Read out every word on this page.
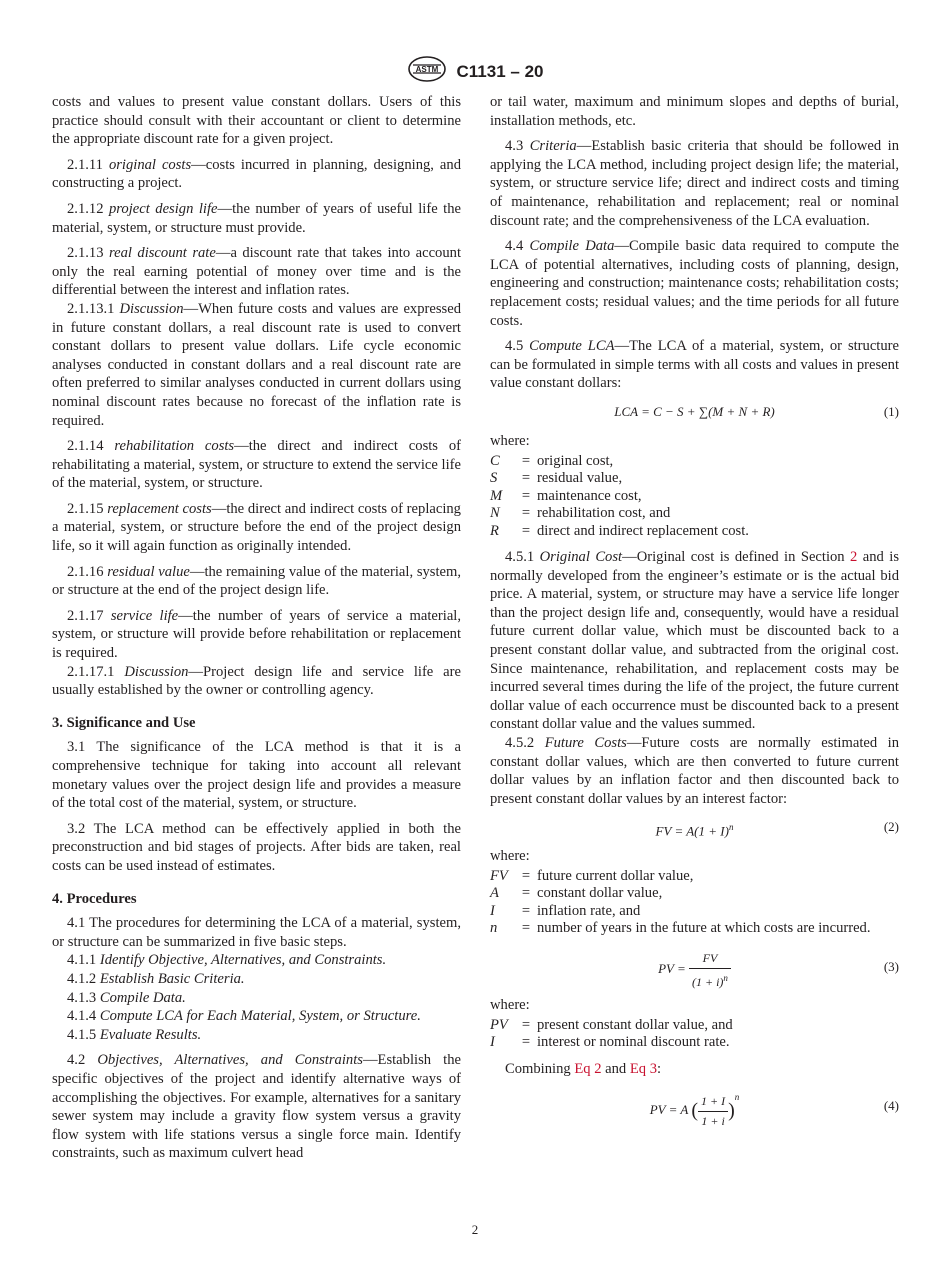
ASTM C1131 – 20

costs and values to present value constant dollars. Users of this practice should consult with their accountant or client to determine the appropriate discount rate for a given project.

2.1.11 original costs—costs incurred in planning, designing, and constructing a project.

2.1.12 project design life—the number of years of useful life the material, system, or structure must provide.

2.1.13 real discount rate—a discount rate that takes into account only the real earning potential of money over time and is the differential between the interest and inflation rates.

2.1.13.1 Discussion—When future costs and values are expressed in future constant dollars, a real discount rate is used to convert constant dollars to present value dollars. Life cycle economic analyses conducted in constant dollars and a real discount rate are often preferred to similar analyses conducted in current dollars using nominal discount rates because no forecast of the inflation rate is required.

2.1.14 rehabilitation costs—the direct and indirect costs of rehabilitating a material, system, or structure to extend the service life of the material, system, or structure.

2.1.15 replacement costs—the direct and indirect costs of replacing a material, system, or structure before the end of the project design life, so it will again function as originally intended.

2.1.16 residual value—the remaining value of the material, system, or structure at the end of the project design life.

2.1.17 service life—the number of years of service a material, system, or structure will provide before rehabilitation or replacement is required.

2.1.17.1 Discussion—Project design life and service life are usually established by the owner or controlling agency.

3. Significance and Use

3.1 The significance of the LCA method is that it is a comprehensive technique for taking into account all relevant monetary values over the project design life and provides a measure of the total cost of the material, system, or structure.

3.2 The LCA method can be effectively applied in both the preconstruction and bid stages of projects. After bids are taken, real costs can be used instead of estimates.

4. Procedures

4.1 The procedures for determining the LCA of a material, system, or structure can be summarized in five basic steps.

4.1.1 Identify Objective, Alternatives, and Constraints.

4.1.2 Establish Basic Criteria.

4.1.3 Compile Data.

4.1.4 Compute LCA for Each Material, System, or Structure.

4.1.5 Evaluate Results.

4.2 Objectives, Alternatives, and Constraints—Establish the specific objectives of the project and identify alternative ways of accomplishing the objectives. For example, alternatives for a sanitary sewer system may include a gravity flow system versus a gravity flow system with life stations versus a single force main. Identify constraints, such as maximum culvert head

or tail water, maximum and minimum slopes and depths of burial, installation methods, etc.

4.3 Criteria—Establish basic criteria that should be followed in applying the LCA method, including project design life; the material, system, or structure service life; direct and indirect costs and timing of maintenance, rehabilitation and replacement; real or nominal discount rate; and the comprehensiveness of the LCA evaluation.

4.4 Compile Data—Compile basic data required to compute the LCA of potential alternatives, including costs of planning, design, engineering and construction; maintenance costs; rehabilitation costs; replacement costs; residual values; and the time periods for all future costs.

4.5 Compute LCA—The LCA of a material, system, or structure can be formulated in simple terms with all costs and values in present value constant dollars:

LCA = C − S + ∑(M + N + R)	(1)
where:
C	=	original cost,
S	=	residual value,
M	=	maintenance cost,
N	=	rehabilitation cost, and
R	=	direct and indirect replacement cost.

4.5.1 Original Cost—Original cost is defined in Section 2 and is normally developed from the engineer’s estimate or is the actual bid price. A material, system, or structure may have a service life longer than the project design life and, consequently, would have a residual future current dollar value, which must be discounted back to a present constant dollar value, and subtracted from the original cost. Since maintenance, rehabilitation, and replacement costs may be incurred several times during the life of the project, the future current dollar value of each occurrence must be discounted back to a present constant dollar value and the values summed.

4.5.2 Future Costs—Future costs are normally estimated in constant dollar values, which are then converted to future current dollar values by an inflation factor and then discounted back to present constant dollar values by an interest factor:

FV = $A(1 + I)^n$	(2)
where:
FV	=	future current dollar value,
A	=	constant dollar value,
I	=	inflation rate, and
n	=	number of years in the future at which costs are incurred.
PV = $\frac{FV}{(1 + i)^n}$	(3)
where:
PV	=	present constant dollar value, and
I	=	interest or nominal discount rate.

Combining Eq 2 and Eq 3:

PV = A ( $\frac{1 + I}{1 + i} )^n$
(4)
2
